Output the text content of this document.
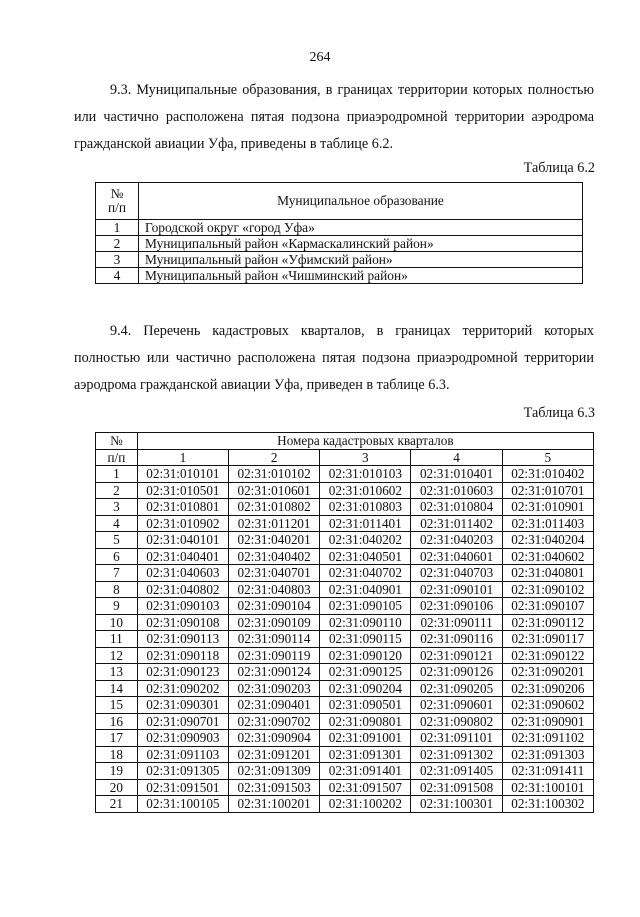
264
9.3. Муниципальные образования, в границах территории которых полностью
или частично расположена пятая подзона приаэродромной территории аэродрома
гражданской авиации Уфа, приведены в таблице 6.2.
Таблица 6.2
№
п/п	Муниципальное образование
1	Городской округ «город Уфа»
2	Муниципальный район «Кармаскалинский район»
3	Муниципальный район «Уфимский район»
4	Муниципальный район «Чишминский район»
9.4. Перечень кадастровых кварталов, в границах территорий которых
полностью или частично расположена пятая подзона приаэродромной территории
аэродрома гражданской авиации Уфа, приведен в таблице 6.3.
Таблица 6.3
№	Номера кадастровых кварталов				
п/п	1	2	3	4	5
1	02:31:010101	02:31:010102	02:31:010103	02:31:010401	02:31:010402
2	02:31:010501	02:31:010601	02:31:010602	02:31:010603	02:31:010701
3	02:31:010801	02:31:010802	02:31:010803	02:31:010804	02:31:010901
4	02:31:010902	02:31:011201	02:31:011401	02:31:011402	02:31:011403
5	02:31:040101	02:31:040201	02:31:040202	02:31:040203	02:31:040204
6	02:31:040401	02:31:040402	02:31:040501	02:31:040601	02:31:040602
7	02:31:040603	02:31:040701	02:31:040702	02:31:040703	02:31:040801
8	02:31:040802	02:31:040803	02:31:040901	02:31:090101	02:31:090102
9	02:31:090103	02:31:090104	02:31:090105	02:31:090106	02:31:090107
10	02:31:090108	02:31:090109	02:31:090110	02:31:090111	02:31:090112
11	02:31:090113	02:31:090114	02:31:090115	02:31:090116	02:31:090117
12	02:31:090118	02:31:090119	02:31:090120	02:31:090121	02:31:090122
13	02:31:090123	02:31:090124	02:31:090125	02:31:090126	02:31:090201
14	02:31:090202	02:31:090203	02:31:090204	02:31:090205	02:31:090206
15	02:31:090301	02:31:090401	02:31:090501	02:31:090601	02:31:090602
16	02:31:090701	02:31:090702	02:31:090801	02:31:090802	02:31:090901
17	02:31:090903	02:31:090904	02:31:091001	02:31:091101	02:31:091102
18	02:31:091103	02:31:091201	02:31:091301	02:31:091302	02:31:091303
19	02:31:091305	02:31:091309	02:31:091401	02:31:091405	02:31:091411
20	02:31:091501	02:31:091503	02:31:091507	02:31:091508	02:31:100101
21	02:31:100105	02:31:100201	02:31:100202	02:31:100301	02:31:100302
